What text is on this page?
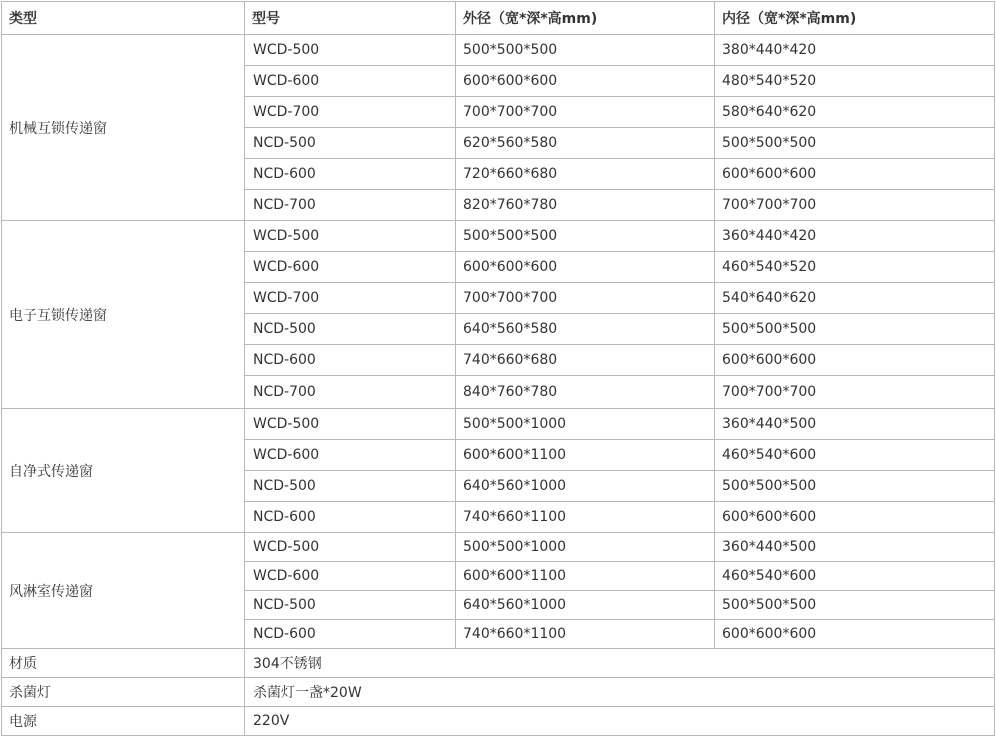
类型	型号	外径（宽*深*高mm)	内径（宽*深*高mm)
机械互锁传递窗	WCD-500	500*500*500	380*440*420
	WCD-600	600*600*600	480*540*520
	WCD-700	700*700*700	580*640*620
	NCD-500	620*560*580	500*500*500
	NCD-600	720*660*680	600*600*600
	NCD-700	820*760*780	700*700*700
电子互锁传递窗	WCD-500	500*500*500	360*440*420
	WCD-600	600*600*600	460*540*520
	WCD-700	700*700*700	540*640*620
	NCD-500	640*560*580	500*500*500
	NCD-600	740*660*680	600*600*600
	NCD-700	840*760*780	700*700*700
自净式传递窗	WCD-500	500*500*1000	360*440*500
	WCD-600	600*600*1100	460*540*600
	NCD-500	640*560*1000	500*500*500
	NCD-600	740*660*1100	600*600*600
风淋室传递窗	WCD-500	500*500*1000	360*440*500
	WCD-600	600*600*1100	460*540*600
	NCD-500	640*560*1000	500*500*500
	NCD-600	740*660*1100	600*600*600
材质	304不锈钢		
杀菌灯	杀菌灯一盏*20W		
电源	220V		
